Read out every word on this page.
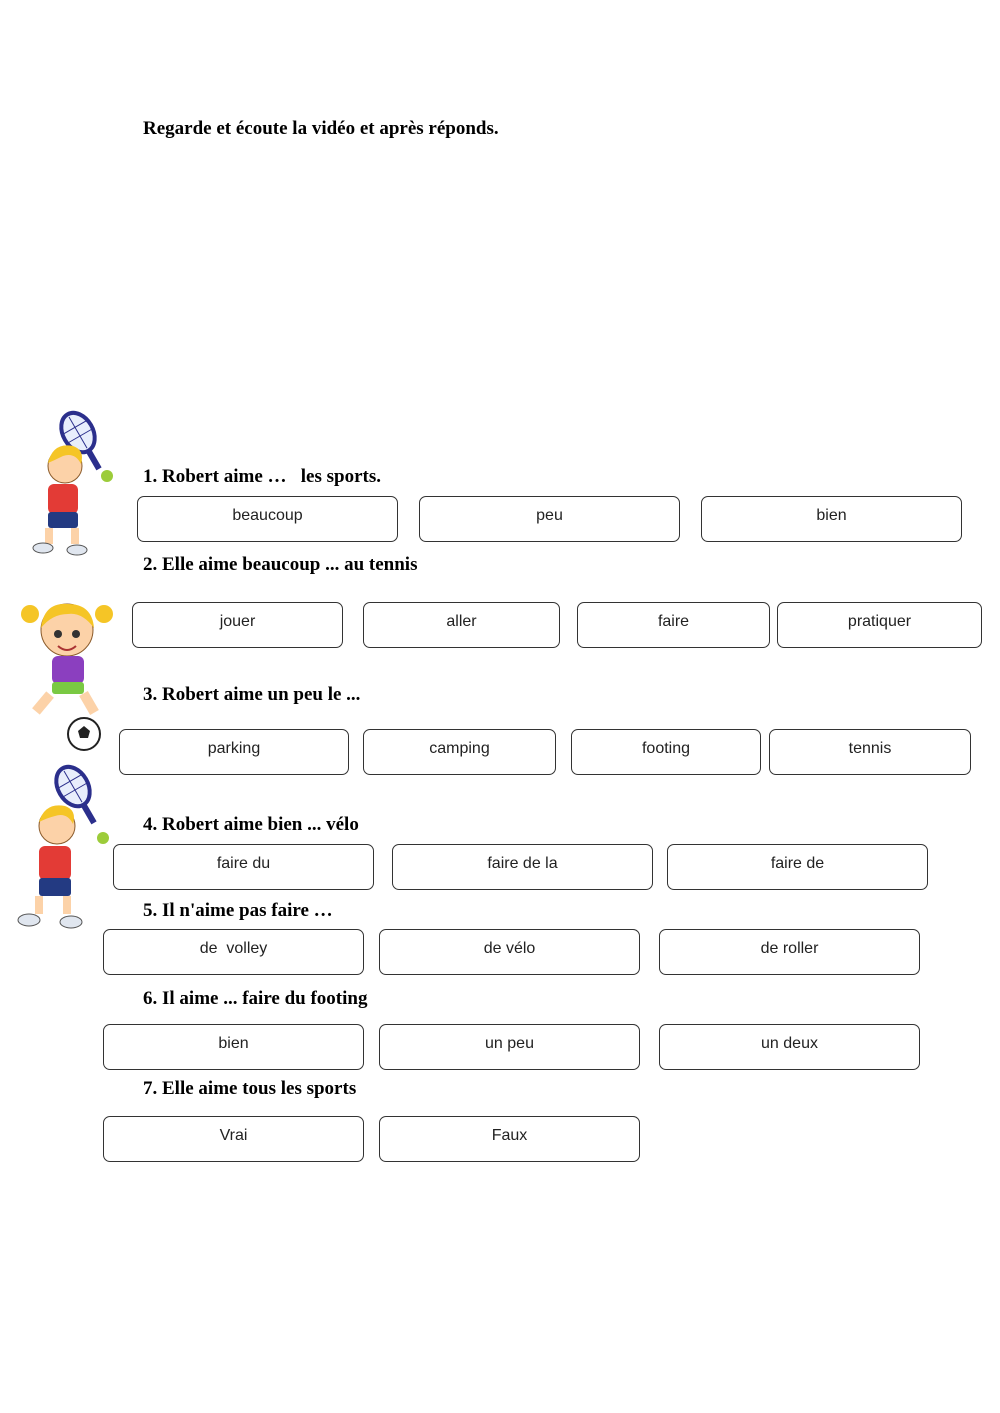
Regarde et écoute la vidéo et après réponds.
1. Robert aime …   les sports.
beaucoup	peu	bien
2. Elle aime beaucoup ... au tennis
jouer	aller	faire	pratiquer
3. Robert aime un peu le ...
parking	camping	footing	tennis
4. Robert aime bien ... vélo
faire du	faire de la	faire de
5. Il n'aime pas faire …
de  volley	de vélo	de roller
6. Il aime ... faire du footing
bien	un peu	un deux
7. Elle aime tous les sports
Vrai	Faux
